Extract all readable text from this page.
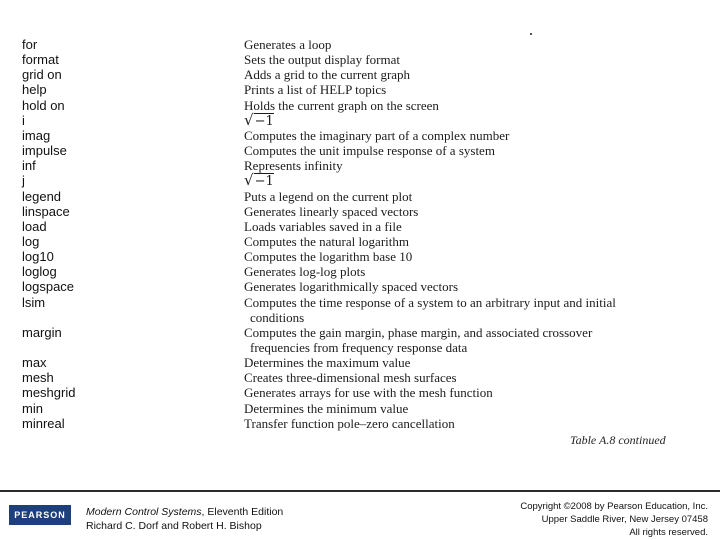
for	Generates a loop
format	Sets the output display format
grid on	Adds a grid to the current graph
help	Prints a list of HELP topics
hold on	Holds the current graph on the screen
i	√−1
imag	Computes the imaginary part of a complex number
impulse	Computes the unit impulse response of a system
inf	Represents infinity
j	√−1
legend	Puts a legend on the current plot
linspace	Generates linearly spaced vectors
load	Loads variables saved in a file
log	Computes the natural logarithm
log10	Computes the logarithm base 10
loglog	Generates log-log plots
logspace	Generates logarithmically spaced vectors
lsim	Computes the time response of a system to an arbitrary input and initial
conditions
margin	Computes the gain margin, phase margin, and associated crossover
frequencies from frequency response data
max	Determines the maximum value
mesh	Creates three-dimensional mesh surfaces
meshgrid	Generates arrays for use with the mesh function
min	Determines the minimum value
minreal	Transfer function pole–zero cancellation
Table A.8 continued
PEARSON	Modern Control Systems, Eleventh Edition
Richard C. Dorf and Robert H. Bishop
Copyright ©2008 by Pearson Education, Inc.
Upper Saddle River, New Jersey 07458
All rights reserved.
